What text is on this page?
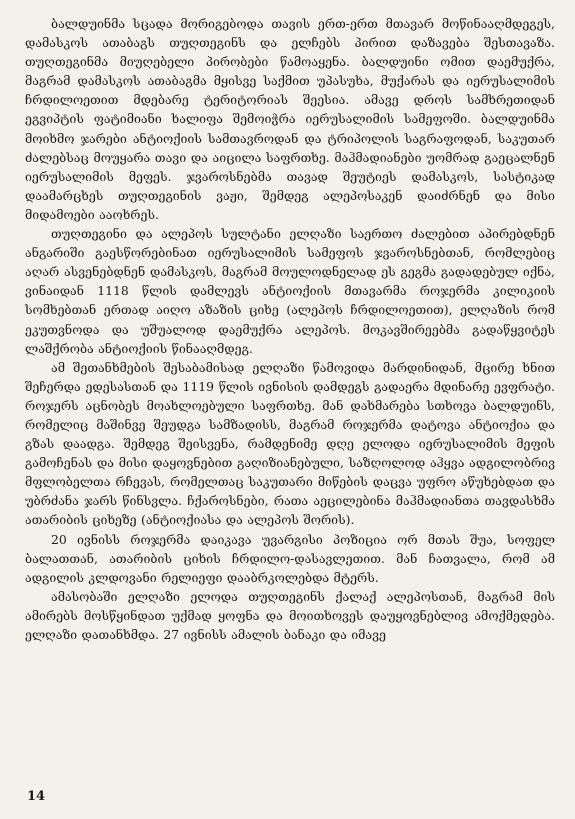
ბალდუინმა სცადა მორიგებოდა თავის ერთ-ერთ მთავარ მოწინააღმდეგეს, დამასკოს ათაბაგს თუღთეგინს და ელჩებს პირით დაზავება შესთავაზა. თუღთეგინმა მიუღებელი პირობები წამოაყენა. ბალდუინი ომით დაემუქრა, მაგრამ დამასკოს ათაბაგმა მყისვე საქმით უპასუხა, მუქარას და იერუსალიმის ჩრდილოეთით მდებარე ტერიტორიას შეესია. ამავე დროს სამხრეთიდან ეგვიპტის ფატიმიანი ხალიფა შემოიჭრა იერუსალიმის სამეფოში. ბალდუინმა მოიხმო ჯარები ანტიოქიის სამთავროდან და ტრიპოლის საგრაფოდან, საკუთარ ძალებსაც მოუყარა თავი და აიცილა საფრთხე. მაჰმადიანები უომრად გაეცალნენ იერუსალიმის მეფეს. ჯვაროსნებმა თავად შეუტიეს დამასკოს, სასტიკად დაამარცხეს თუღთეგინის ვაჟი, შემდეგ ალეპოსაკენ დაიძრნენ და მისი მიდამოები ააოხრეს.

თუღთეგინი და ალეპოს სულტანი ელღაზი საერთო ძალებით აპირებდნენ ანგარიში გაესწორებინათ იერუსალიმის სამეფოს ჯვაროსნებთან, რომლებიც აღარ ასვენებდნენ დამასკოს, მაგრამ მოულოდნელად ეს გეგმა გადადებულ იქნა, ვინაიდან 1118 წლის დამლევს ანტიოქიის მთავარმა როჯერმა კილიკიის სომხებთან ერთად აიღო აზაზის ციხე (ალეპოს ჩრდილოეთით), ელღაზის რომ ეკუთვნოდა და უშუალოდ დაემუქრა ალეპოს. მოკავშირეებმა გადაწყვიტეს ლაშქრობა ანტიოქიის წინააღმდეგ.

ამ შეთანხმების შესაბამისად ელღაზი წამოვიდა მარდინიდან, მცირე ხნით შეჩერდა ედესასთან და 1119 წლის ივნისის დამდეგს გადაერა მდინარე ევფრატი. როჯერს აცნობეს მოახლოებული საფრთხე. მან დახმარება სთხოვა ბალდუინს, რომელიც მაშინვე შეუდგა სამზადისს, მაგრამ როჯერმა დატოვა ანტიოქია და გზას დაადგა. შემდეგ შეისვენა, რამდენიმე დღე ელოდა იერუსალიმის მეფის გამოჩენას და მისი დაყოვნებით გაღიზიანებული, საზღოლოდ აჰყვა ადგილობრივ მფლობელთა რჩევას, რომელთაც საკუთარი მიწების დაცვა უფრო აწუხებდათ და უბრძანა ჯარს წინსვლა. ჩქაროსნები, რათა აეცილებინა მაჰმადიანთა თავდასხმა ათარიბის ციხეზე (ანტიოქიასა და ალეპოს შორის).

20 ივნისს როჯერმა დაიკავა უვარგისი პოზიცია ორ მთას შუა, სოფელ ბალათთან, ათარიბის ციხის ჩრდილო-დასავლეთით. მან ჩათვალა, რომ ამ ადგილის კლდოვანი რელიეფი დააბრკოლებდა მტერს.

ამასობაში ელღაზი ელოდა თუღთეგინს ქალაქ ალეპოსთან, მაგრამ მის ამირებს მოსწყინდათ უქმად ყოფნა და მოითხოვეს დაუყოვნებლივ ამოქმედება. ელღაზი დათანხმდა. 27 ივნისს ამალის ბანაკი და იმავე

14
